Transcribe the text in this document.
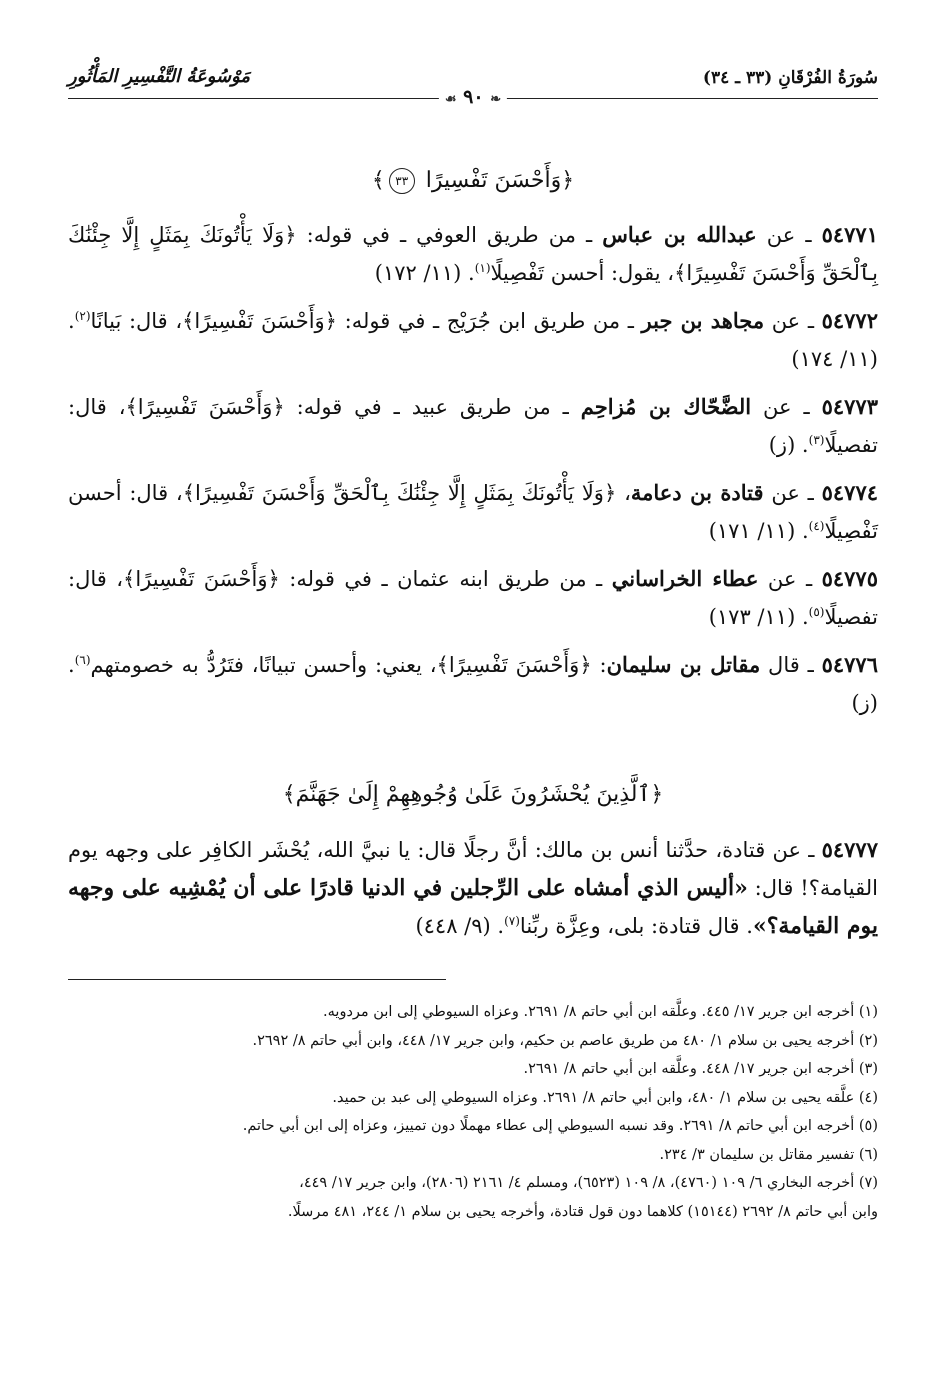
سُورَةُ الفُرْقَانِ (٣٣ ـ ٣٤)
مَوْسُوعَةُ التَّفْسِيرِ المَأْثُورِ
❧ ٩٠ ☙

﴿وَأَحْسَنَ تَفْسِيرًا ٣٣﴾

٥٤٧٧١ ـ عن عبدالله بن عباس ـ من طريق العوفي ـ في قوله: ﴿وَلَا يَأْتُونَكَ بِمَثَلٍ إِلَّا جِئْنَٰكَ بِٱلْحَقِّ وَأَحْسَنَ تَفْسِيرًا﴾، يقول: أحسن تَفْصِيلًا$^{(١)}$. (١١/ ١٧٢)

٥٤٧٧٢ ـ عن مجاهد بن جبر ـ من طريق ابن جُرَيْج ـ في قوله: ﴿وَأَحْسَنَ تَفْسِيرًا﴾، قال: بَيانًا$^{(٢)}$. (١١/ ١٧٤)

٥٤٧٧٣ ـ عن الضَّحّاك بن مُزاحِم ـ من طريق عبيد ـ في قوله: ﴿وَأَحْسَنَ تَفْسِيرًا﴾، قال: تفصيلًا$^{(٣)}$. (ز)

٥٤٧٧٤ ـ عن قتادة بن دعامة، ﴿وَلَا يَأْتُونَكَ بِمَثَلٍ إِلَّا جِئْنَٰكَ بِٱلْحَقِّ وَأَحْسَنَ تَفْسِيرًا﴾، قال: أحسن تَفْصِيلًا$^{(٤)}$. (١١/ ١٧١)

٥٤٧٧٥ ـ عن عطاء الخراساني ـ من طريق ابنه عثمان ـ في قوله: ﴿وَأَحْسَنَ تَفْسِيرًا﴾، قال: تفصيلًا$^{(٥)}$. (١١/ ١٧٣)

٥٤٧٧٦ ـ قال مقاتل بن سليمان: ﴿وَأَحْسَنَ تَفْسِيرًا﴾، يعني: وأحسن تبيانًا، فتَرُدُّ به خصومتهم$^{(٦)}$. (ز)

﴿ٱلَّذِينَ يُحْشَرُونَ عَلَىٰ وُجُوهِهِمْ إِلَىٰ جَهَنَّمَ﴾

٥٤٧٧٧ ـ عن قتادة، حدَّثنا أنس بن مالك: أنَّ رجلًا قال: يا نبيَّ الله، يُحْشَر الكافِر على وجهه يوم القيامة؟! قال: «أليس الذي أمشاه على الرِّجلين في الدنيا قادرًا على أن يُمْشِيه على وجهه يوم القيامة؟». قال قتادة: بلى، وعِزَّة ربِّنا$^{(٧)}$. (٩/ ٤٤٨)

(١) أخرجه ابن جرير ١٧/ ٤٤٥. وعلَّقه ابن أبي حاتم ٨/ ٢٦٩١. وعزاه السيوطي إلى ابن مردويه.

(٢) أخرجه يحيى بن سلام ١/ ٤٨٠ من طريق عاصم بن حكيم، وابن جرير ١٧/ ٤٤٨، وابن أبي حاتم ٨/ ٢٦٩٢.

(٣) أخرجه ابن جرير ١٧/ ٤٤٨. وعلَّقه ابن أبي حاتم ٨/ ٢٦٩١.

(٤) علَّقه يحيى بن سلام ١/ ٤٨٠، وابن أبي حاتم ٨/ ٢٦٩١. وعزاه السيوطي إلى عبد بن حميد.

(٥) أخرجه ابن أبي حاتم ٨/ ٢٦٩١. وقد نسبه السيوطي إلى عطاء مهملًا دون تمييز، وعزاه إلى ابن أبي حاتم.

(٦) تفسير مقاتل بن سليمان ٣/ ٢٣٤.

(٧) أخرجه البخاري ٦/ ١٠٩ (٤٧٦٠)، ٨/ ١٠٩ (٦٥٢٣)، ومسلم ٤/ ٢١٦١ (٢٨٠٦)، وابن جرير ١٧/ ٤٤٩،

وابن أبي حاتم ٨/ ٢٦٩٢ (١٥١٤٤) كلاهما دون قول قتادة، وأخرجه يحيى بن سلام ١/ ٢٤٤، ٤٨١ مرسلًا.
